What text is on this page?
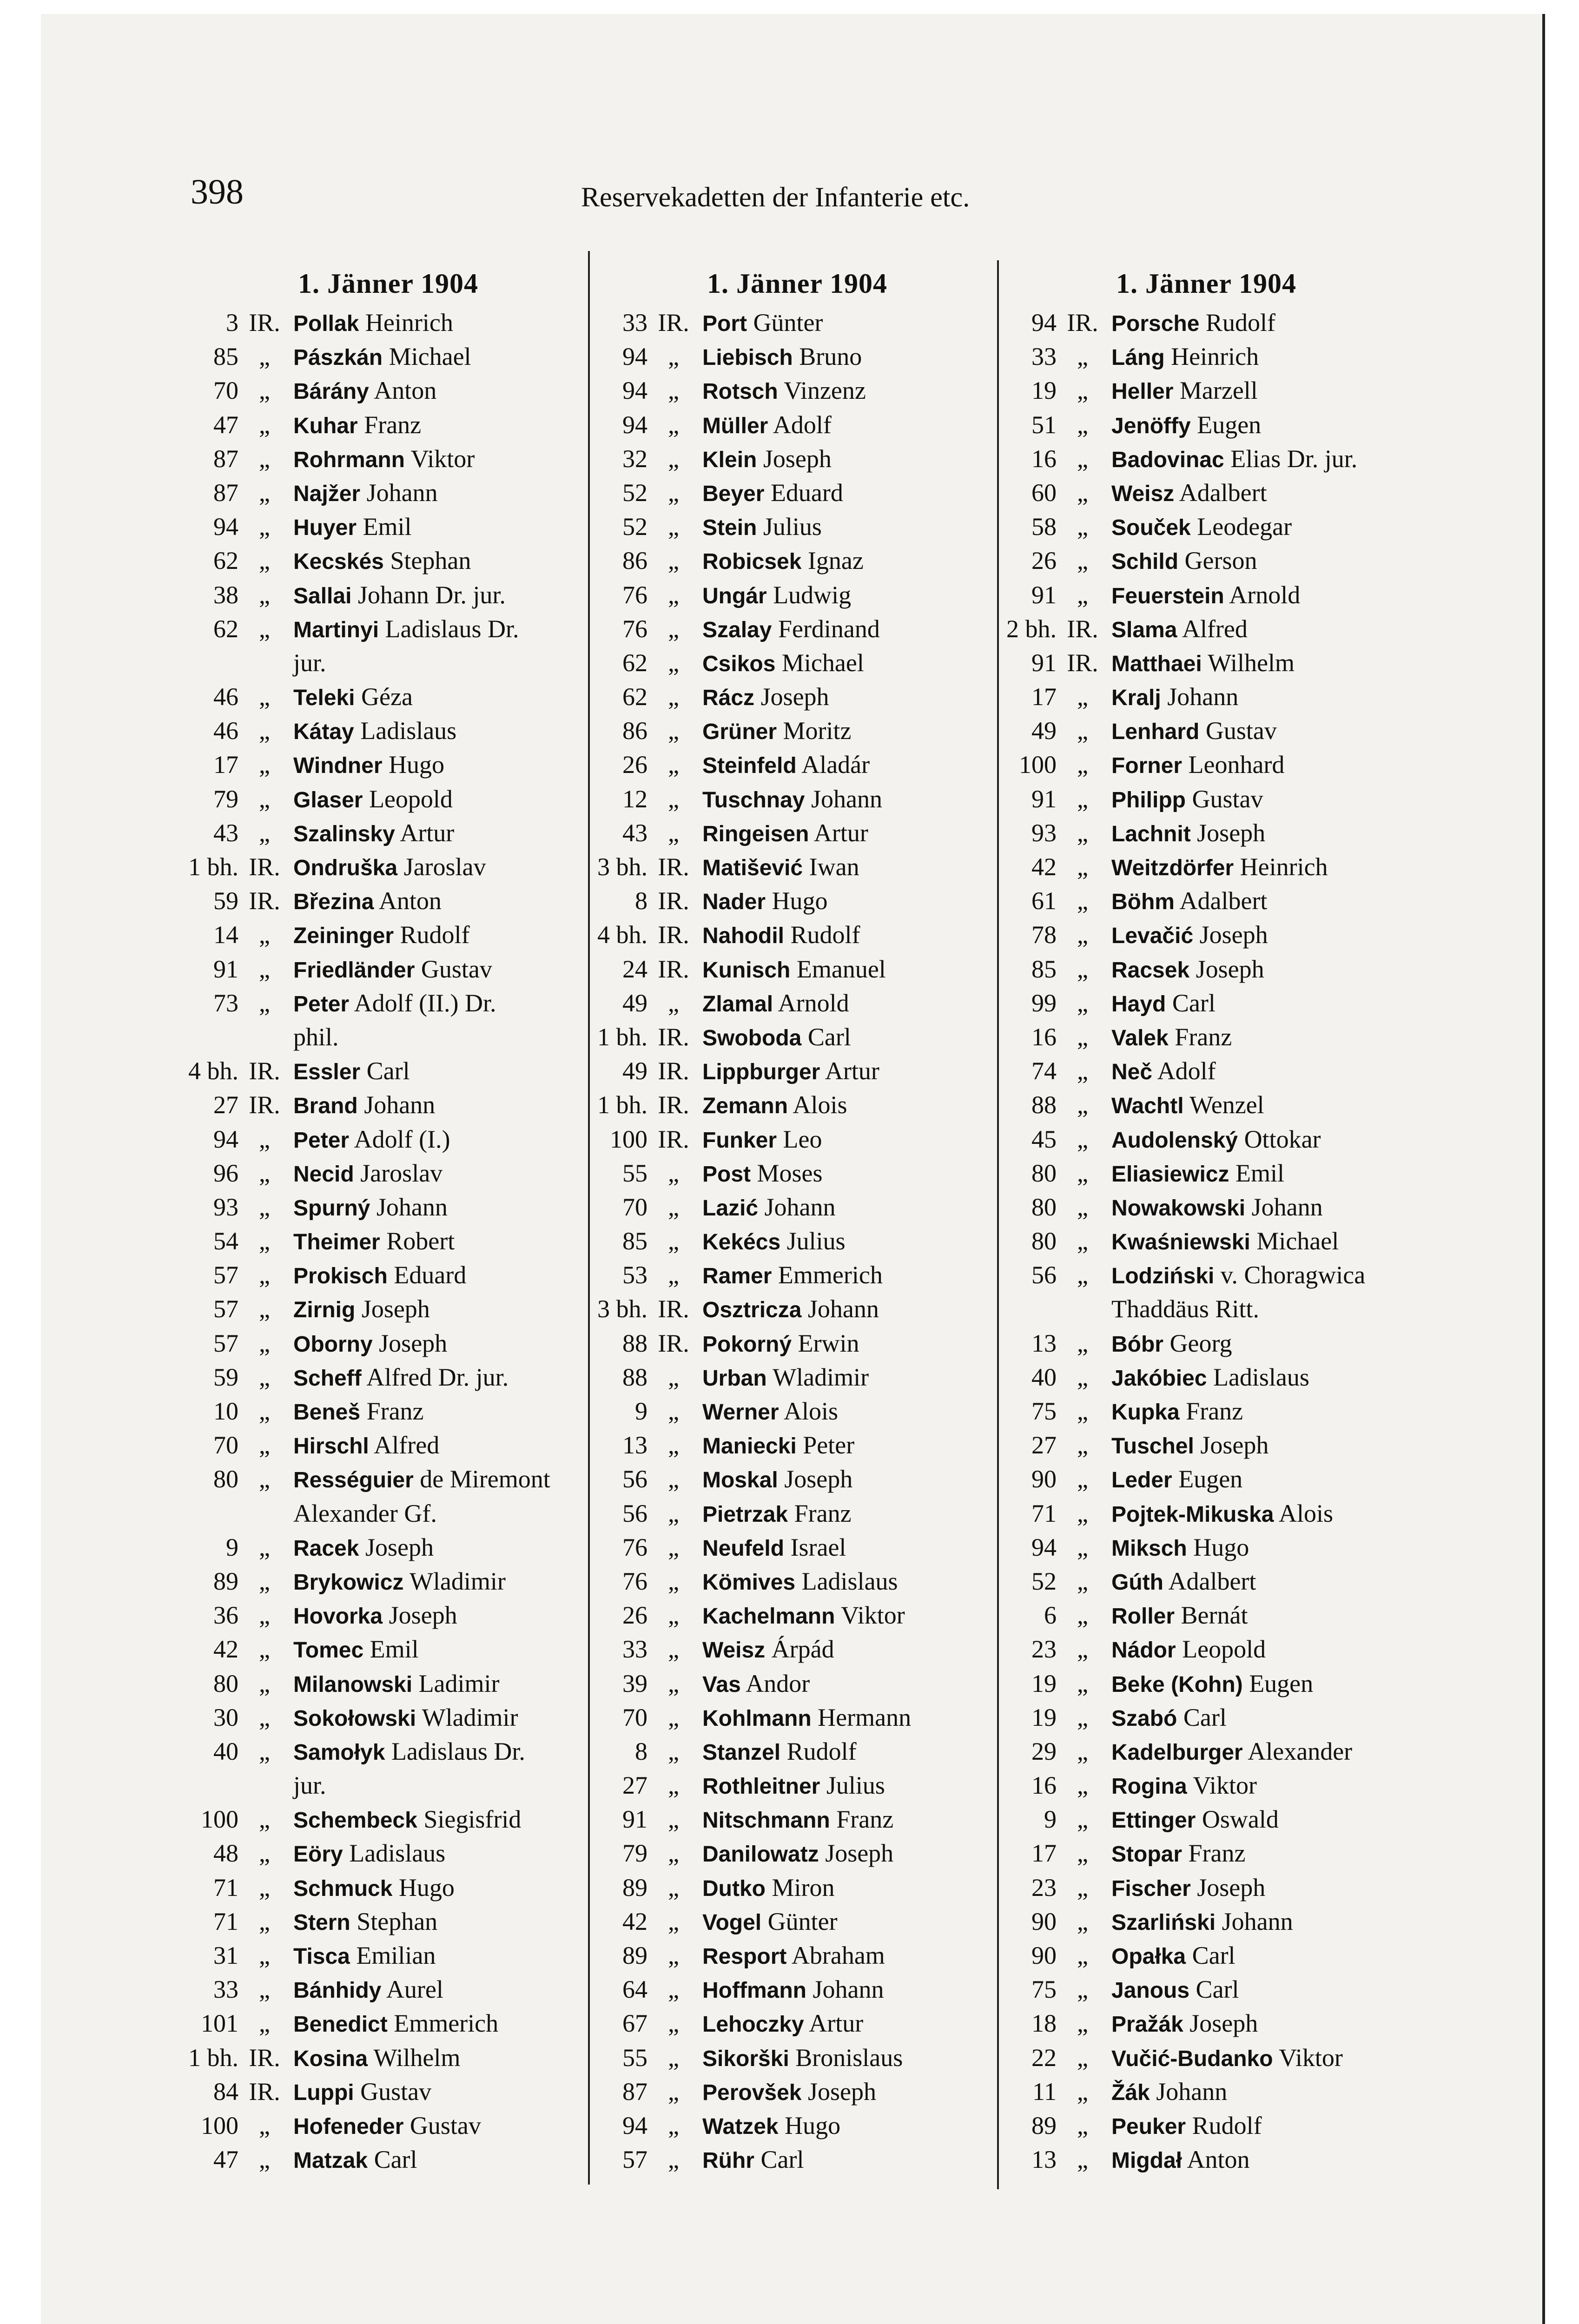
398	Reservekadetten der Infanterie etc.
1. Jänner 1904
3 IR. Pollak Heinrich
85 „	Pászkán Michael
70 „	Bárány Anton
47 „	Kuhar Franz
87 „	Rohrmann Viktor
87 „	Najžer Johann
94 „	Huyer Emil
62 „	Kecskés Stephan
38 „	Sallai Johann Dr. jur.
62 „	Martinyi Ladislaus Dr.
jur.
46 „	Teleki Géza
46 „	Kátay Ladislaus
17 „	Windner Hugo
79 „	Glaser Leopold
43 „	Szalinsky Artur
1 bh. IR. Ondruška Jaroslav
59 IR. Březina Anton
14 „	Zeininger Rudolf
91 „	Friedländer Gustav
73 „	Peter Adolf (II.) Dr.
phil.
4 bh. IR. Essler Carl
27 IR. Brand Johann
94 „	Peter Adolf (I.)
96 „	Necid Jaroslav
93 „	Spurný Johann
54 „	Theimer Robert
57 „	Prokisch Eduard
57 „	Zirnig Joseph
57 „	Oborny Joseph
59 „	Scheff Alfred Dr. jur.
10 „	Beneš Franz
70 „	Hirschl Alfred
80 „	Rességuier de Miremont
Alexander Gf.
9 „	Racek Joseph
89 „	Brykowicz Wladimir
36 „	Hovorka Joseph
42 „	Tomec Emil
80 „	Milanowski Ladimir
30 „	Sokołowski Wladimir
40 „	Samołyk Ladislaus Dr.
jur.
100 „	Schembeck Siegisfrid
48 „	Eöry Ladislaus
71 „	Schmuck Hugo
71 „	Stern Stephan
31 „	Tisca Emilian
33 „	Bánhidy Aurel
101 „	Benedict Emmerich
1 bh. IR. Kosina Wilhelm
84 IR. Luppi Gustav
100 „	Hofeneder Gustav
47 „	Matzak Carl
1. Jänner 1904
33 IR. Port Günter
94 „	Liebisch Bruno
94 „	Rotsch Vinzenz
94 „	Müller Adolf
32 „	Klein Joseph
52 „	Beyer Eduard
52 „	Stein Julius
86 „	Robicsek Ignaz
76 „	Ungár Ludwig
76 „	Szalay Ferdinand
62 „	Csikos Michael
62 „	Rácz Joseph
86 „	Grüner Moritz
26 „	Steinfeld Aladár
12 „	Tuschnay Johann
43 „	Ringeisen Artur
3 bh. IR. Matišević Iwan
8 IR. Nader Hugo
4 bh. IR. Nahodil Rudolf
24 IR. Kunisch Emanuel
49 „	Zlamal Arnold
1 bh. IR. Swoboda Carl
49 IR. Lippburger Artur
1 bh. IR. Zemann Alois
100 IR. Funker Leo
55 „	Post Moses
70 „	Lazić Johann
85 „	Kekécs Julius
53 „	Ramer Emmerich
3 bh. IR. Osztricza Johann
88 IR. Pokorný Erwin
88 „	Urban Wladimir
9 „	Werner Alois
13 „	Maniecki Peter
56 „	Moskal Joseph
56 „	Pietrzak Franz
76 „	Neufeld Israel
76 „	Kömives Ladislaus
26 „	Kachelmann Viktor
33 „	Weisz Árpád
39 „	Vas Andor
70 „	Kohlmann Hermann
8 „	Stanzel Rudolf
27 „	Rothleitner Julius
91 „	Nitschmann Franz
79 „	Danilowatz Joseph
89 „	Dutko Miron
42 „	Vogel Günter
89 „	Resport Abraham
64 „	Hoffmann Johann
67 „	Lehoczky Artur
55 „	Sikorški Bronislaus
87 „	Perovšek Joseph
94 „	Watzek Hugo
57 „	Rühr Carl
1. Jänner 1904
94 IR. Porsche Rudolf
33 „	Láng Heinrich
19 „	Heller Marzell
51 „	Jenöffy Eugen
16 „	Badovinac Elias Dr. jur.
60 „	Weisz Adalbert
58 „	Souček Leodegar
26 „	Schild Gerson
91 „	Feuerstein Arnold
2 bh. IR. Slama Alfred
91 IR. Matthaei Wilhelm
17 „	Kralj Johann
49 „	Lenhard Gustav
100 „	Forner Leonhard
91 „	Philipp Gustav
93 „	Lachnit Joseph
42 „	Weitzdörfer Heinrich
61 „	Böhm Adalbert
78 „	Levačić Joseph
85 „	Racsek Joseph
99 „	Hayd Carl
16 „	Valek Franz
74 „	Neč Adolf
88 „	Wachtl Wenzel
45 „	Audolenský Ottokar
80 „	Eliasiewicz Emil
80 „	Nowakowski Johann
80 „	Kwaśniewski Michael
56 „	Lodziński v. Choragwica
Thaddäus Ritt.
13 „	Bóbr Georg
40 „	Jakóbiec Ladislaus
75 „	Kupka Franz
27 „	Tuschel Joseph
90 „	Leder Eugen
71 „	Pojtek-Mikuska Alois
94 „	Miksch Hugo
52 „	Gúth Adalbert
6 „	Roller Bernát
23 „	Nádor Leopold
19 „	Beke (Kohn) Eugen
19 „	Szabó Carl
29 „	Kadelburger Alexander
16 „	Rogina Viktor
9 „	Ettinger Oswald
17 „	Stopar Franz
23 „	Fischer Joseph
90 „	Szarliński Johann
90 „	Opałka Carl
75 „	Janous Carl
18 „	Pražák Joseph
22 „	Vučić-Budanko Viktor
11 „	Žák Johann
89 „	Peuker Rudolf
13 „	Migdał Anton
